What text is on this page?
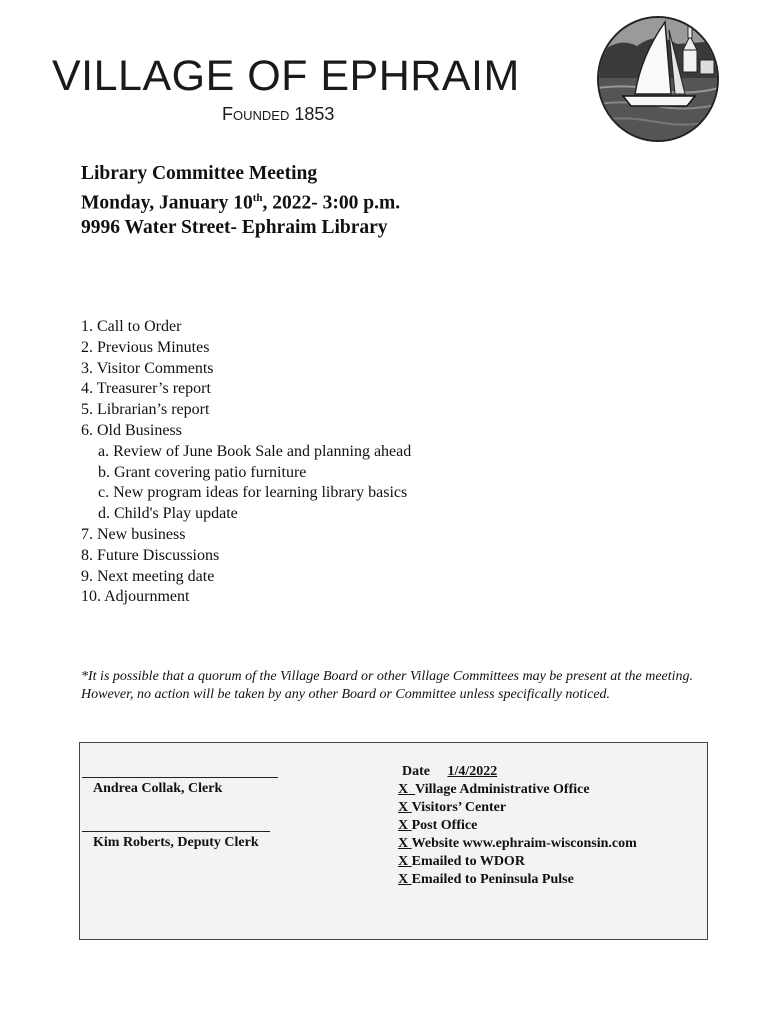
VILLAGE OF EPHRAIM
Founded 1853
Library Committee Meeting
Monday, January 10th, 2022- 3:00 p.m.
9996 Water Street- Ephraim Library
1. Call to Order
2. Previous Minutes
3. Visitor Comments
4. Treasurer’s report
5. Librarian’s report
6. Old Business
a. Review of June Book Sale and planning ahead
b. Grant covering patio furniture
c. New program ideas for learning library basics
d. Child's Play update
7. New business
8. Future Discussions
9. Next meeting date
10. Adjournment
*It is possible that a quorum of the Village Board or other Village Committees may be present at the meeting. However, no action will be taken by any other Board or Committee unless specifically noticed.
Andrea Collak, Clerk
Kim Roberts, Deputy Clerk
Date 1/4/2022
X Village Administrative Office
X Visitors’ Center
X Post Office
X Website www.ephraim-wisconsin.com
X Emailed to WDOR
X Emailed to Peninsula Pulse
